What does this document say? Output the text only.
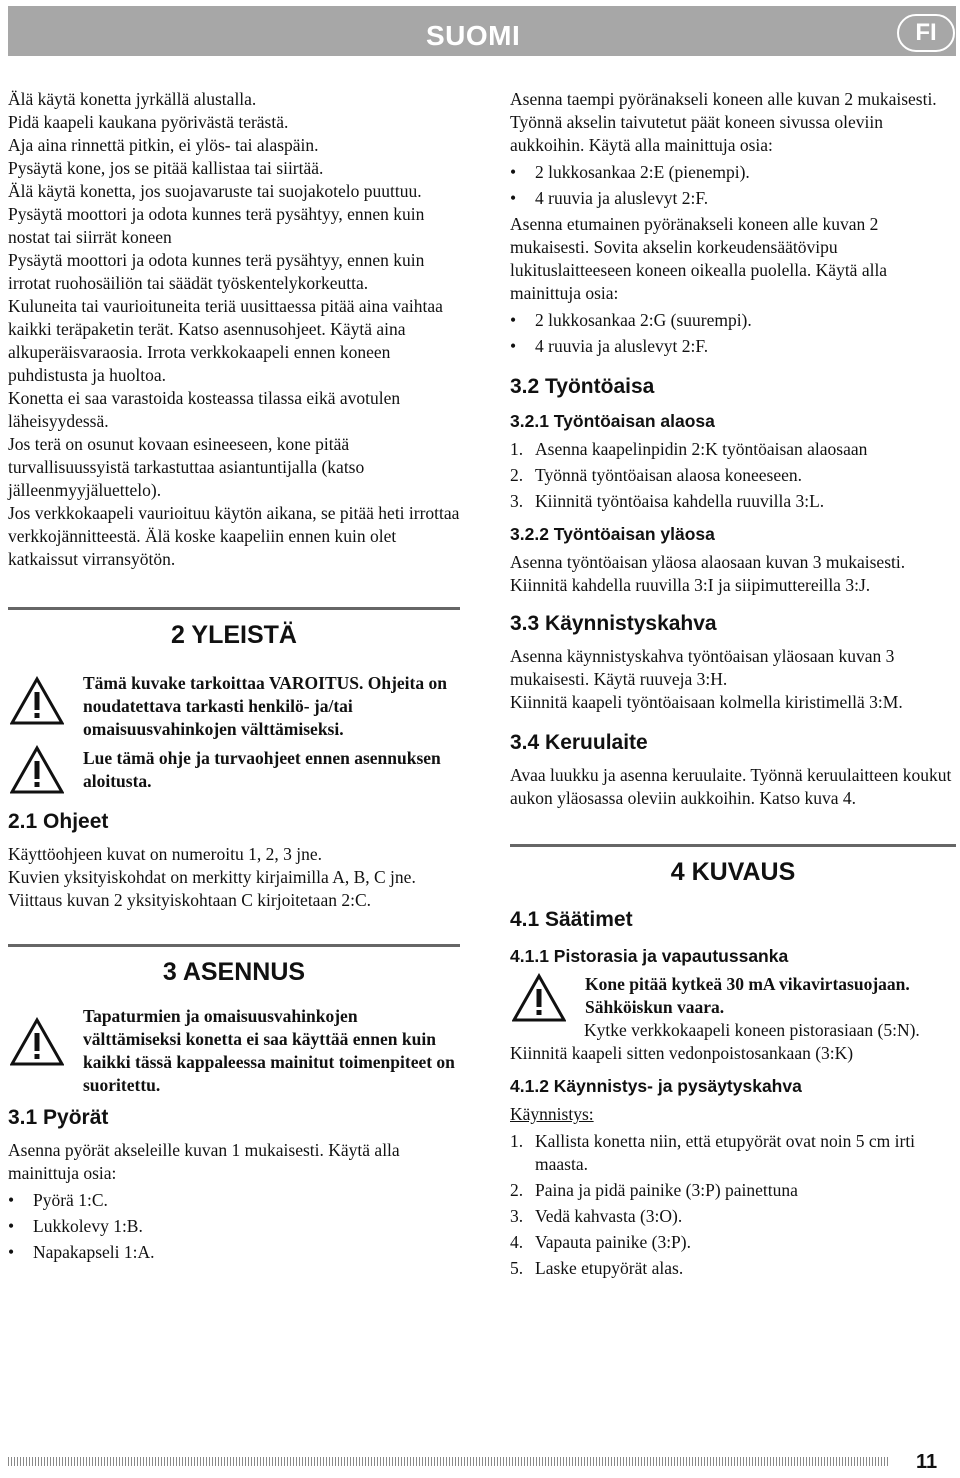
SUOMI	FI

Älä käytä konetta jyrkällä alustalla.

Pidä kaapeli kaukana pyörivästä terästä.

Aja aina rinnettä pitkin, ei ylös- tai alaspäin.

Pysäytä kone, jos se pitää kallistaa tai siirtää.

Älä käytä konetta, jos suojavaruste tai suojakotelo puuttuu.

Pysäytä moottori ja odota kunnes terä pysähtyy, ennen kuin nostat tai siirrät koneen

Pysäytä moottori ja odota kunnes terä pysähtyy, ennen kuin irrotat ruohosäiliön tai säädät työskentelykorkeutta.

Kuluneita tai vaurioituneita teriä uusittaessa pitää aina vaihtaa kaikki teräpaketin terät. Katso asennusohjeet. Käytä aina alkuperäisvaraosia. Irrota verkkokaapeli ennen koneen puhdistusta ja huoltoa.

Konetta ei saa varastoida kosteassa tilassa eikä avotulen läheisyydessä.

Jos terä on osunut kovaan esineeseen, kone pitää turvallisuussyistä tarkastuttaa asiantuntijalla (katso jälleenmyyjäluettelo).

Jos verkkokaapeli vaurioituu käytön aikana, se pitää heti irrottaa verkkojännitteestä. Älä koske kaapeliin ennen kuin olet katkaissut virransyötön.

2 YLEISTÄ

Tämä kuvake tarkoittaa VAROITUS. Ohjeita on noudatettava tarkasti henkilö- ja/tai omaisuusvahinkojen välttämiseksi.

Lue tämä ohje ja turvaohjeet ennen asennuksen aloitusta.

2.1 Ohjeet

Käyttöohjeen kuvat on numeroitu 1, 2, 3 jne.

Kuvien yksityiskohdat on merkitty kirjaimilla A, B, C jne.

Viittaus kuvan 2 yksityiskohtaan C kirjoitetaan 2:C.

3 ASENNUS

Tapaturmien ja omaisuusvahinkojen välttämiseksi konetta ei saa käyttää ennen kuin kaikki tässä kappaleessa mainitut toimenpiteet on suoritettu.

3.1 Pyörät

Asenna pyörät akseleille kuvan 1 mukaisesti. Käytä alla mainittuja osia:

• Pyörä 1:C.
• Lukkolevy 1:B.
• Napakapseli 1:A.

Asenna taempi pyöränakseli koneen alle kuvan 2 mukaisesti. Työnnä akselin taivutetut päät koneen sivussa oleviin aukkoihin. Käytä alla mainittuja osia:

• 2 lukkosankaa 2:E (pienempi).
• 4 ruuvia ja aluslevyt 2:F.

Asenna etumainen pyöränakseli koneen alle kuvan 2 mukaisesti. Sovita akselin korkeudensäätövipu lukituslaitteeseen koneen oikealla puolella. Käytä alla mainittuja osia:

• 2 lukkosankaa 2:G (suurempi).
• 4 ruuvia ja aluslevyt 2:F.
3.2 Työntöaisa
3.2.1 Työntöaisan alaosa
1. Asenna kaapelinpidin 2:K työntöaisan alaosaan
2. Työnnä työntöaisan alaosa koneeseen.
3. Kiinnitä työntöaisa kahdella ruuvilla 3:L.
3.2.2 Työntöaisan yläosa

Asenna työntöaisan yläosa alaosaan kuvan 3 mukaisesti. Kiinnitä kahdella ruuvilla 3:I ja siipimuttereilla 3:J.

3.3 Käynnistyskahva

Asenna käynnistyskahva työntöaisan yläosaan kuvan 3 mukaisesti. Käytä ruuveja 3:H.

Kiinnitä kaapeli työntöaisaan kolmella kiristimellä 3:M.

3.4 Keruulaite

Avaa luukku ja asenna keruulaite. Työnnä keruulaitteen koukut aukon yläosassa oleviin aukkoihin. Katso kuva 4.

4 KUVAUS
4.1 Säätimet
4.1.1 Pistorasia ja vapautussanka

Kone pitää kytkeä 30 mA vikavirtasuojaan. Sähköiskun vaara.

Kytke verkkokaapeli koneen pistorasiaan (5:N). Kiinnitä kaapeli sitten vedonpoistosankaan (3:K)

4.1.2 Käynnistys- ja pysäytyskahva

Käynnistys:

1. Kallista konetta niin, että etupyörät ovat noin 5 cm irti maasta.
2. Paina ja pidä painike (3:P) painettuna
3. Vedä kahvasta (3:O).
4. Vapauta painike (3:P).
5. Laske etupyörät alas.
11
